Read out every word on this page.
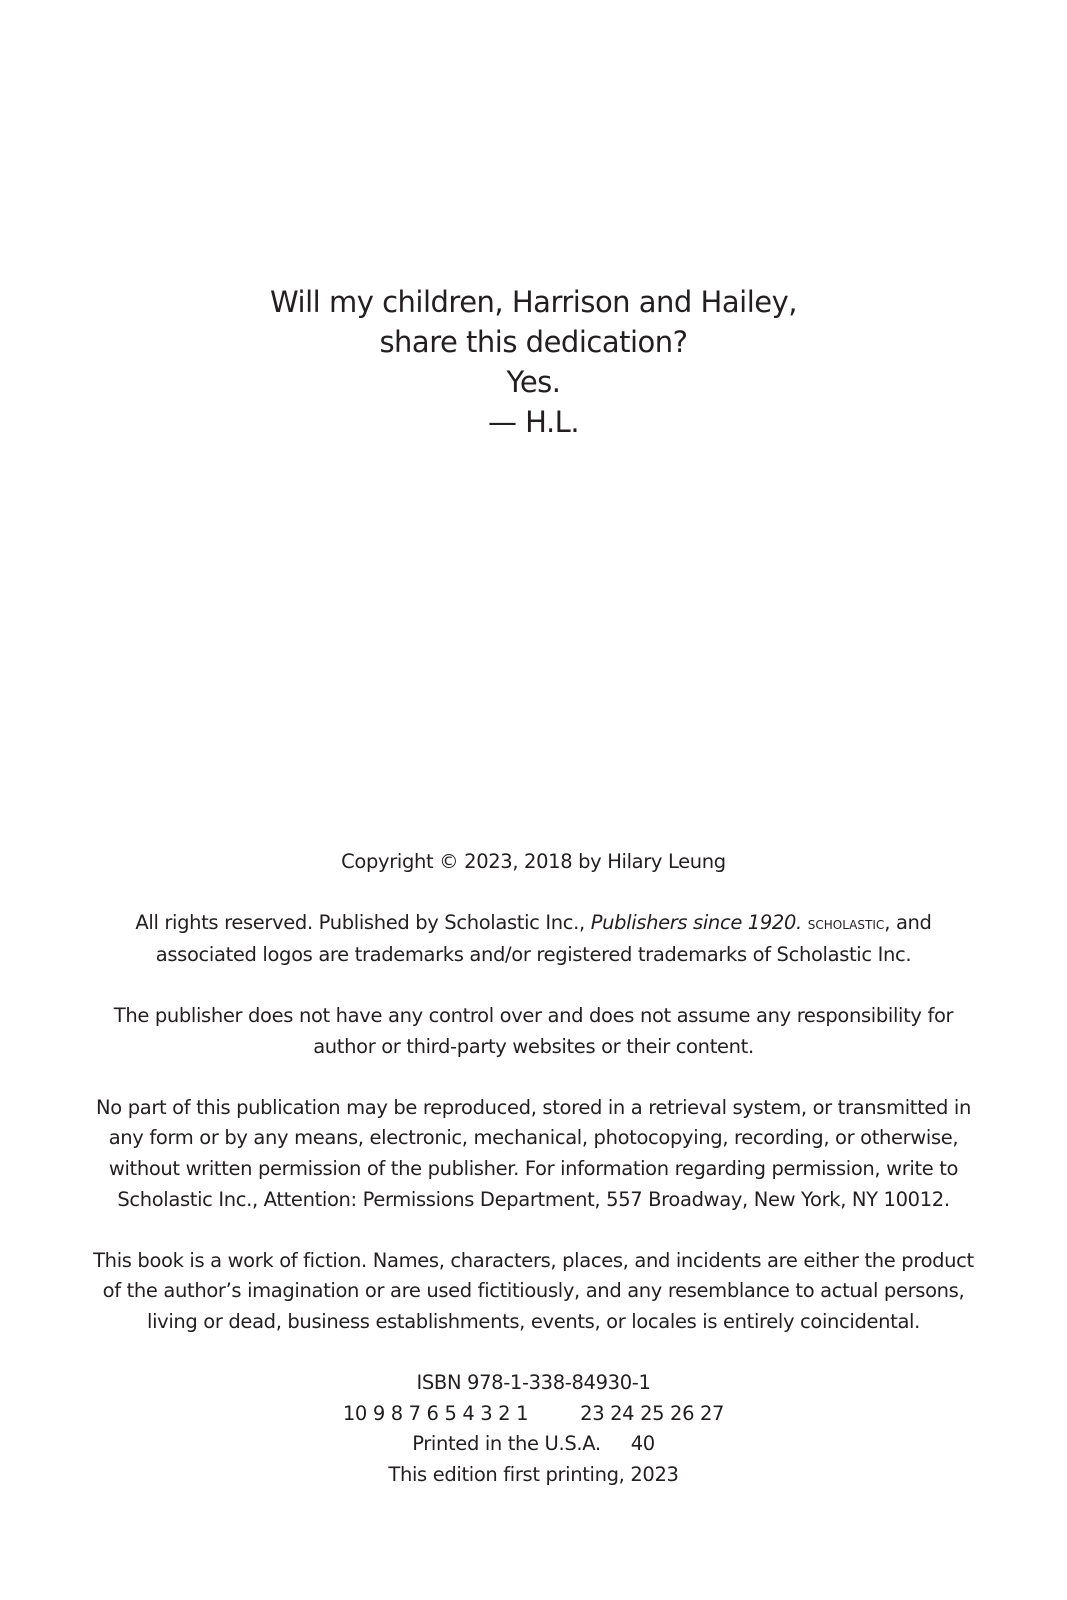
Will my children, Harrison and Hailey,
share this dedication?
Yes.
— H.L.

Copyright © 2023, 2018 by Hilary Leung

All rights reserved. Published by Scholastic Inc., Publishers since 1920. scholastic, and
associated logos are trademarks and/or registered trademarks of Scholastic Inc.

The publisher does not have any control over and does not assume any responsibility for
author or third-party websites or their content.

No part of this publication may be reproduced, stored in a retrieval system, or transmitted in
any form or by any means, electronic, mechanical, photocopying, recording, or otherwise,
without written permission of the publisher. For information regarding permission, write to
Scholastic Inc., Attention: Permissions Department, 557 Broadway, New York, NY 10012.

This book is a work of fiction. Names, characters, places, and incidents are either the product
of the author’s imagination or are used fictitiously, and any resemblance to actual persons,
living or dead, business establishments, events, or locales is entirely coincidental.

ISBN 978-1-338-84930-1
10 9 8 7 6 5 4 3 2 1	23 24 25 26 27
Printed in the U.S.A. 40
This edition first printing, 2023
